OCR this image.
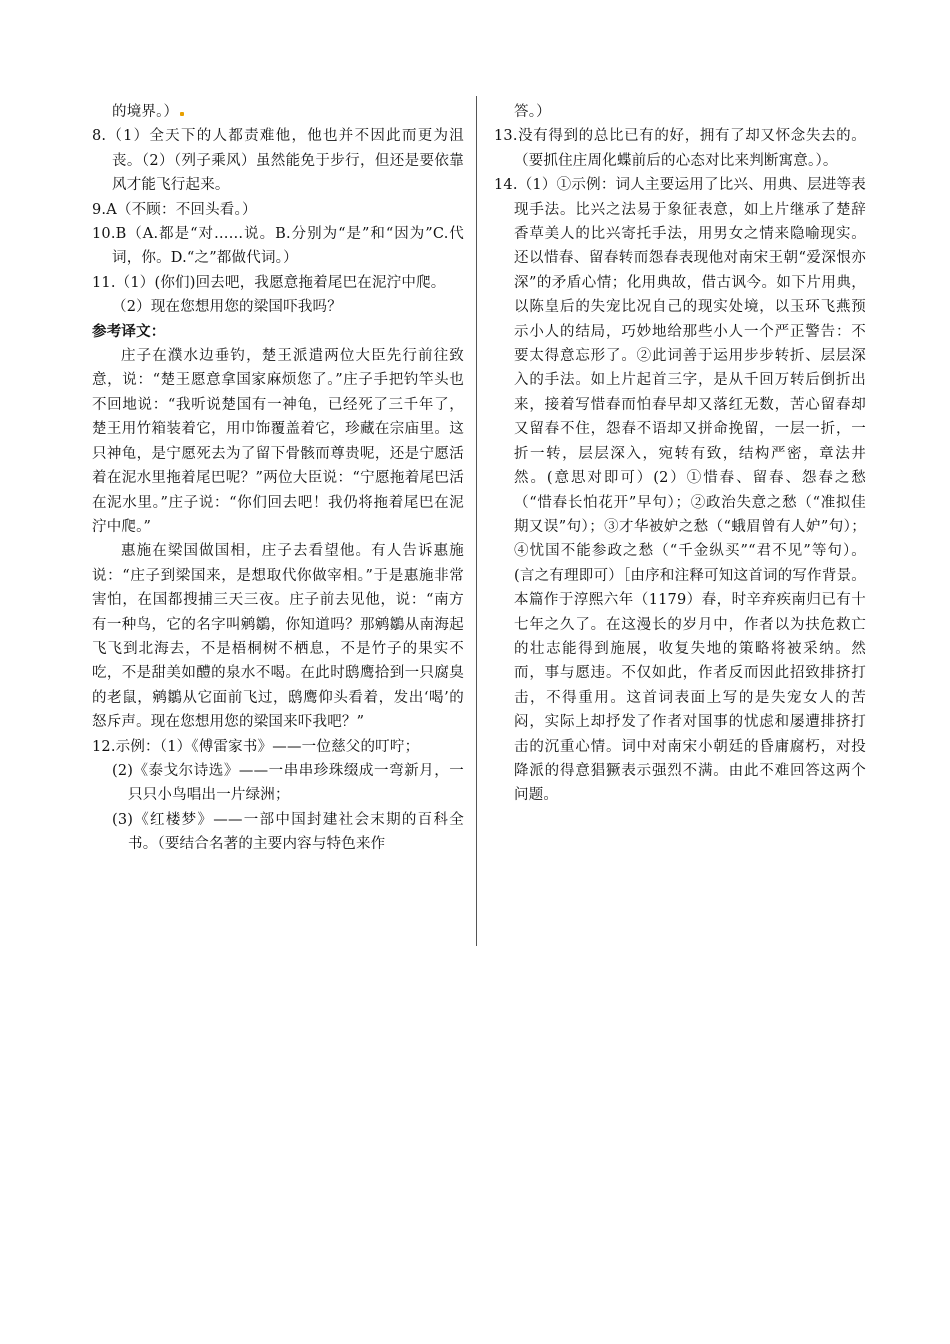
的境界。）

8.（1）全天下的人都责难他，他也并不因此而更为沮丧。（2）（列子乘风）虽然能免于步行，但还是要依靠风才能飞行起来。

9.A（不顾：不回头看。）

10.B（A.都是“对……说。B.分别为“是”和“因为”C.代词，你。D.“之”都做代词。）

11.（1）(你们)回去吧，我愿意拖着尾巴在泥泞中爬。

（2）现在您想用您的梁国吓我吗？

参考译文：

庄子在濮水边垂钓，楚王派遣两位大臣先行前往致意，说：“楚王愿意拿国家麻烦您了。”庄子手把钓竿头也不回地说：“我听说楚国有一神龟，已经死了三千年了，楚王用竹箱装着它，用巾饰覆盖着它，珍藏在宗庙里。这只神龟，是宁愿死去为了留下骨骸而尊贵呢，还是宁愿活着在泥水里拖着尾巴呢？”两位大臣说：“宁愿拖着尾巴活在泥水里。”庄子说：“你们回去吧！我仍将拖着尾巴在泥泞中爬。”

惠施在梁国做国相，庄子去看望他。有人告诉惠施说：“庄子到梁国来，是想取代你做宰相。”于是惠施非常害怕，在国都搜捕三天三夜。庄子前去见他，说：“南方有一种鸟，它的名字叫鹓鶵，你知道吗？那鹓鶵从南海起飞飞到北海去，不是梧桐树不栖息，不是竹子的果实不吃，不是甜美如醴的泉水不喝。在此时鸱鹰拾到一只腐臭的老鼠，鹓鶵从它面前飞过，鸱鹰仰头看着，发出‘喝’的怒斥声。现在您想用您的梁国来吓我吧？”

12.示例：（1）《傅雷家书》——一位慈父的叮咛；

(2)《泰戈尔诗选》——一串串珍珠缀成一弯新月，一只只小鸟唱出一片绿洲；

(3)《红楼梦》——一部中国封建社会末期的百科全书。（要结合名著的主要内容与特色来作

答。）

13.没有得到的总比已有的好，拥有了却又怀念失去的。（要抓住庄周化蝶前后的心态对比来判断寓意。）。

14.（1）①示例：词人主要运用了比兴、用典、层进等表现手法。比兴之法易于象征表意，如上片继承了楚辞香草美人的比兴寄托手法，用男女之情来隐喻现实。还以惜春、留春转而怨春表现他对南宋王朝“爱深恨亦深”的矛盾心情；化用典故，借古讽今。如下片用典，以陈皇后的失宠比况自己的现实处境，以玉环飞燕预示小人的结局，巧妙地给那些小人一个严正警告：不要太得意忘形了。②此词善于运用步步转折、层层深入的手法。如上片起首三字，是从千回万转后倒折出来，接着写惜春而怕春早却又落红无数，苦心留春却又留春不住，怨春不语却又拼命挽留，一层一折，一折一转，层层深入，宛转有致，结构严密，章法井然。(意思对即可）(2）①惜春、留春、怨春之愁（“惜春长怕花开”早句）；②政治失意之愁（“准拟佳期又误”句）；③才华被妒之愁（“蛾眉曾有人妒”句）；④忧国不能参政之愁（“千金纵买”“君不见”等句）。(言之有理即可）［由序和注释可知这首词的写作背景。本篇作于淳熙六年（1179）春，时辛弃疾南归已有十七年之久了。在这漫长的岁月中，作者以为扶危救亡的壮志能得到施展，收复失地的策略将被采纳。然而，事与愿违。不仅如此，作者反而因此招致排挤打击，不得重用。这首词表面上写的是失宠女人的苦闷，实际上却抒发了作者对国事的忧虑和屡遭排挤打击的沉重心情。词中对南宋小朝廷的昏庸腐朽，对投降派的得意猖獗表示强烈不满。由此不难回答这两个问题。
